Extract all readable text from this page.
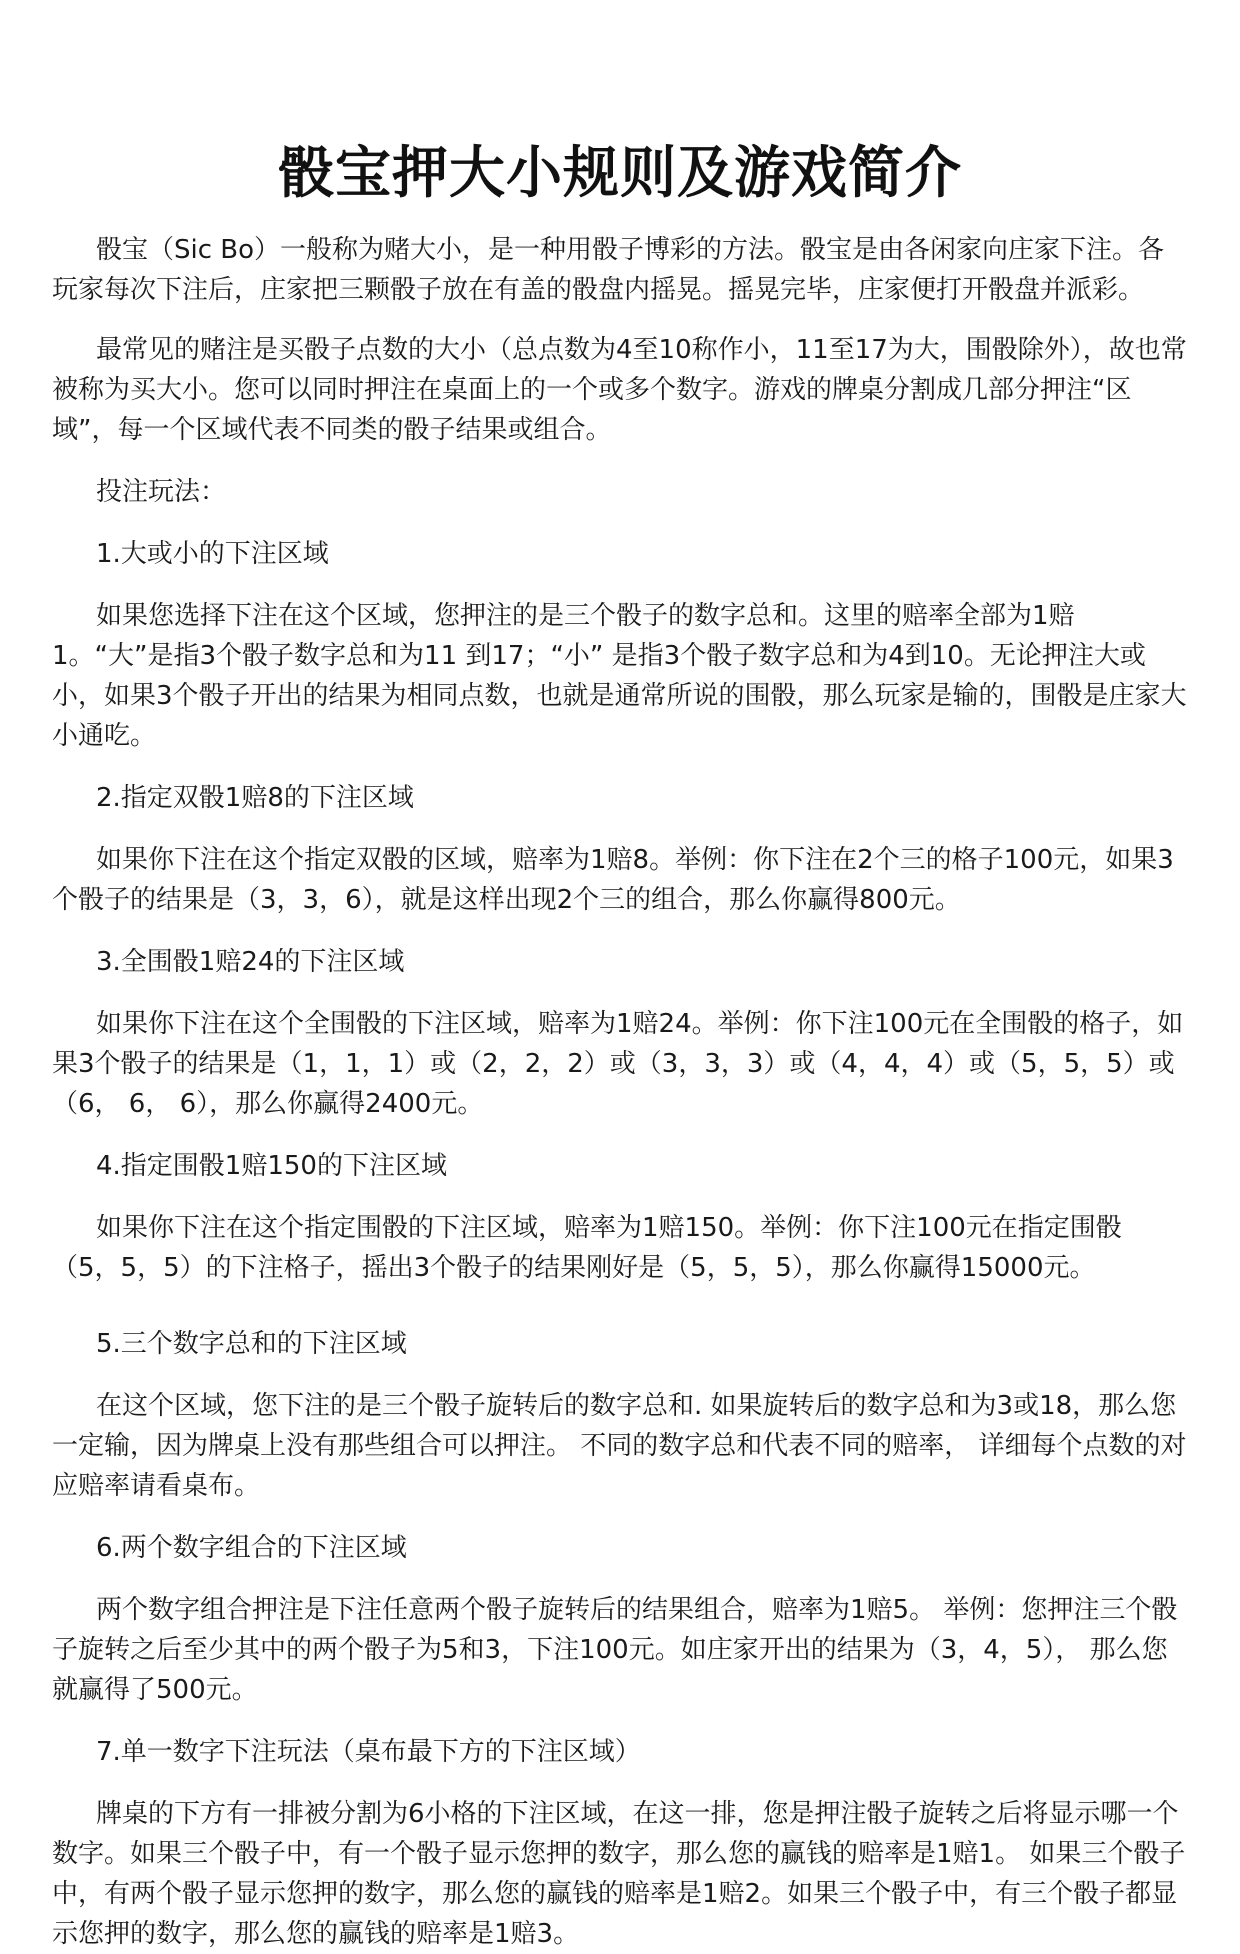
骰宝押大小规则及游戏简介

骰宝（Sic Bo）一般称为赌大小，是一种用骰子博彩的方法。骰宝是由各闲家向庄家下注。各玩家每次下注后，庄家把三颗骰子放在有盖的骰盘内摇晃。摇晃完毕，庄家便打开骰盘并派彩。

最常见的赌注是买骰子点数的大小（总点数为4至10称作小，11至17为大，围骰除外），故也常被称为买大小。您可以同时押注在桌面上的一个或多个数字。游戏的牌桌分割成几部分押注“区域”，每一个区域代表不同类的骰子结果或组合。

投注玩法：

1.大或小的下注区域

如果您选择下注在这个区域，您押注的是三个骰子的数字总和。这里的赔率全部为1赔1。“大”是指3个骰子数字总和为11 到17；“小” 是指3个骰子数字总和为4到10。无论押注大或小，如果3个骰子开出的结果为相同点数，也就是通常所说的围骰，那么玩家是输的，围骰是庄家大小通吃。

2.指定双骰1赔8的下注区域

如果你下注在这个指定双骰的区域，赔率为1赔8。举例：你下注在2个三的格子100元，如果3个骰子的结果是（3，3，6），就是这样出现2个三的组合，那么你赢得800元。

3.全围骰1赔24的下注区域

如果你下注在这个全围骰的下注区域，赔率为1赔24。举例：你下注100元在全围骰的格子，如果3个骰子的结果是（1，1，1）或（2，2，2）或（3，3，3）或（4，4，4）或（5，5，5）或（6， 6， 6），那么你赢得2400元。

4.指定围骰1赔150的下注区域

如果你下注在这个指定围骰的下注区域，赔率为1赔150。举例：你下注100元在指定围骰（5，5，5）的下注格子，摇出3个骰子的结果刚好是（5，5，5），那么你赢得15000元。

5.三个数字总和的下注区域

在这个区域，您下注的是三个骰子旋转后的数字总和. 如果旋转后的数字总和为3或18，那么您一定输，因为牌桌上没有那些组合可以押注。 不同的数字总和代表不同的赔率， 详细每个点数的对应赔率请看桌布。

6.两个数字组合的下注区域

两个数字组合押注是下注任意两个骰子旋转后的结果组合，赔率为1赔5。 举例：您押注三个骰子旋转之后至少其中的两个骰子为5和3，下注100元。如庄家开出的结果为（3，4，5）， 那么您就赢得了500元。

7.单一数字下注玩法（桌布最下方的下注区域）

牌桌的下方有一排被分割为6小格的下注区域，在这一排，您是押注骰子旋转之后将显示哪一个数字。如果三个骰子中，有一个骰子显示您押的数字，那么您的赢钱的赔率是1赔1。 如果三个骰子中，有两个骰子显示您押的数字，那么您的赢钱的赔率是1赔2。如果三个骰子中，有三个骰子都显示您押的数字，那么您的赢钱的赔率是1赔3。
